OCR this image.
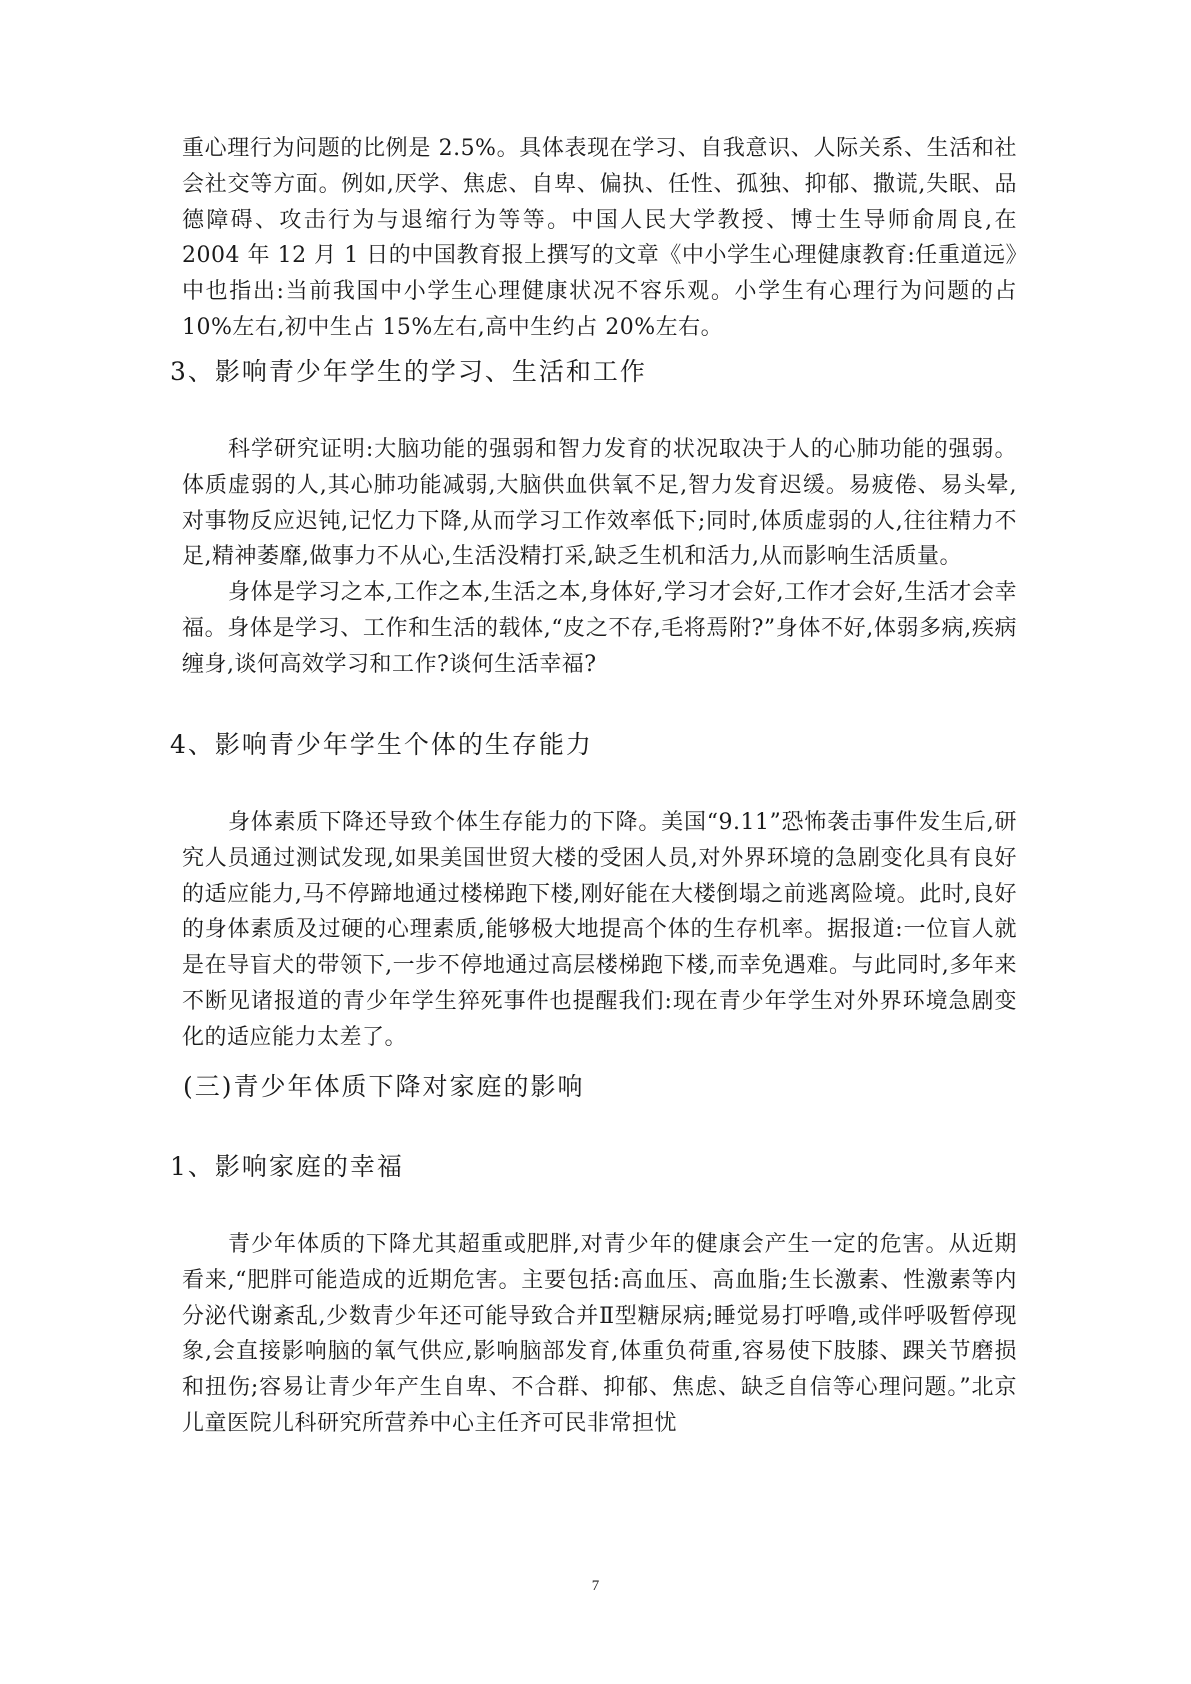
重心理行为问题的比例是 2.5%。具体表现在学习、自我意识、人际关系、生活和社会社交等方面。例如,厌学、焦虑、自卑、偏执、任性、孤独、抑郁、撒谎,失眠、品德障碍、攻击行为与退缩行为等等。中国人民大学教授、博士生导师俞周良,在 2004 年 12 月 1 日的中国教育报上撰写的文章《中小学生心理健康教育:任重道远》中也指出:当前我国中小学生心理健康状况不容乐观。小学生有心理行为问题的占 10%左右,初中生占 15%左右,高中生约占 20%左右。

3、影响青少年学生的学习、生活和工作

科学研究证明:大脑功能的强弱和智力发育的状况取决于人的心肺功能的强弱。体质虚弱的人,其心肺功能减弱,大脑供血供氧不足,智力发育迟缓。易疲倦、易头晕,对事物反应迟钝,记忆力下降,从而学习工作效率低下;同时,体质虚弱的人,往往精力不足,精神萎靡,做事力不从心,生活没精打采,缺乏生机和活力,从而影响生活质量。

身体是学习之本,工作之本,生活之本,身体好,学习才会好,工作才会好,生活才会幸福。身体是学习、工作和生活的载体,“皮之不存,毛将焉附?”身体不好,体弱多病,疾病缠身,谈何高效学习和工作?谈何生活幸福?

4、影响青少年学生个体的生存能力

身体素质下降还导致个体生存能力的下降。美国“9.11”恐怖袭击事件发生后,研究人员通过测试发现,如果美国世贸大楼的受困人员,对外界环境的急剧变化具有良好的适应能力,马不停蹄地通过楼梯跑下楼,刚好能在大楼倒塌之前逃离险境。此时,良好的身体素质及过硬的心理素质,能够极大地提高个体的生存机率。据报道:一位盲人就是在导盲犬的带领下,一步不停地通过高层楼梯跑下楼,而幸免遇难。与此同时,多年来不断见诸报道的青少年学生猝死事件也提醒我们:现在青少年学生对外界环境急剧变化的适应能力太差了。

(三)青少年体质下降对家庭的影响
1、影响家庭的幸福

青少年体质的下降尤其超重或肥胖,对青少年的健康会产生一定的危害。从近期看来,“肥胖可能造成的近期危害。主要包括:高血压、高血脂;生长激素、性激素等内分泌代谢紊乱,少数青少年还可能导致合并Ⅱ型糖尿病;睡觉易打呼噜,或伴呼吸暂停现象,会直接影响脑的氧气供应,影响脑部发育,体重负荷重,容易使下肢膝、踝关节磨损和扭伤;容易让青少年产生自卑、不合群、抑郁、焦虑、缺乏自信等心理问题。”北京儿童医院儿科研究所营养中心主任齐可民非常担忧

7
